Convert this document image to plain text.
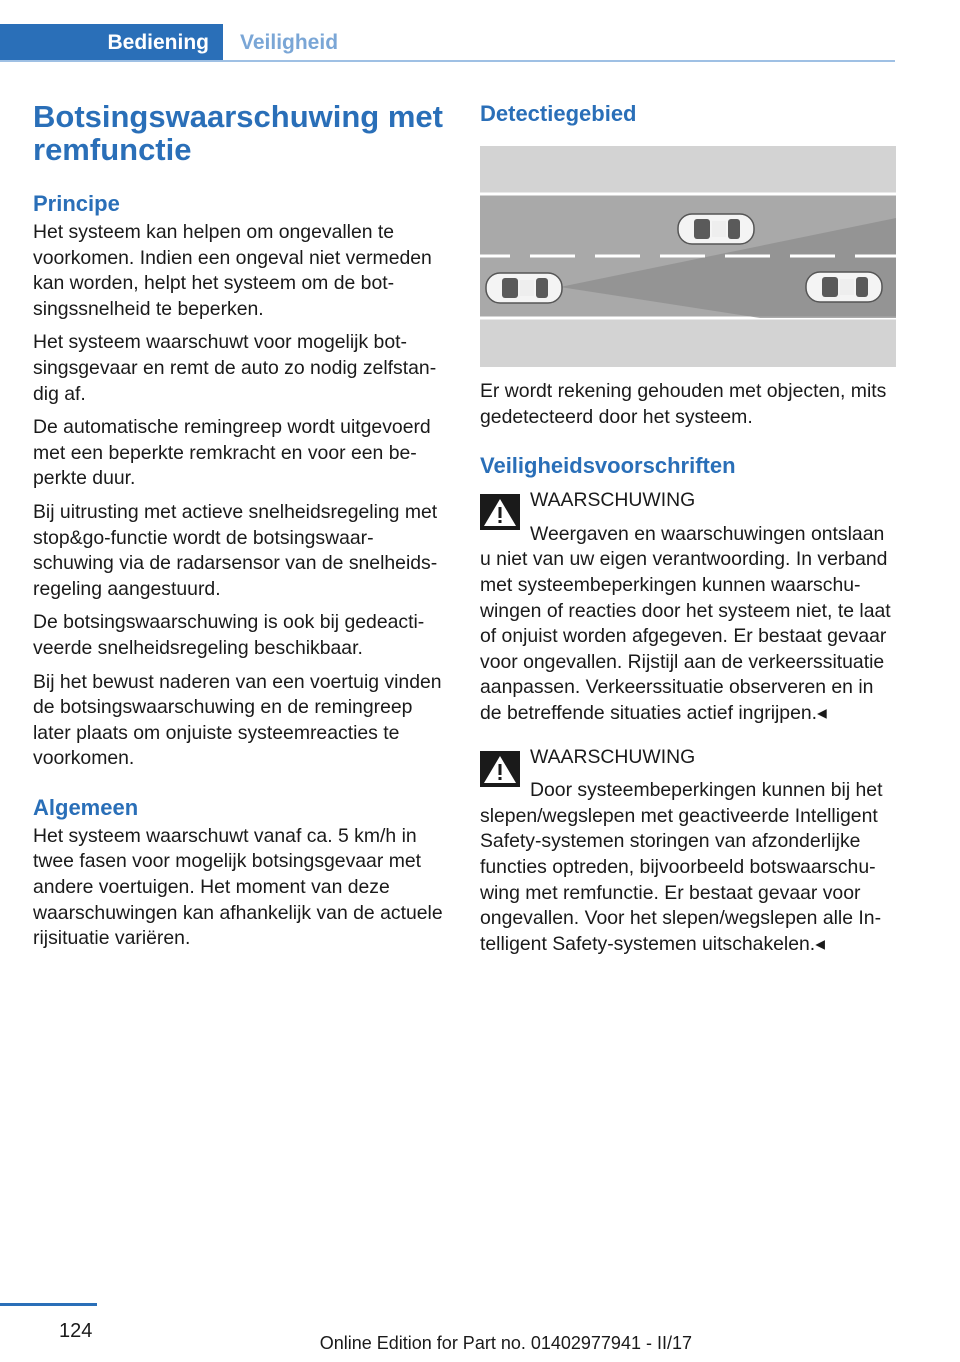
Bediening	Veiligheid
Botsingswaarschuwing met remfunctie
Principe

Het systeem kan helpen om ongevallen te voorkomen. Indien een ongeval niet vermeden kan worden, helpt het systeem om de botsingssnelheid te beperken.

Het systeem waarschuwt voor mogelijk botsingsgevaar en remt de auto zo nodig zelfstandig af.

De automatische remingreep wordt uitgevoerd met een beperkte remkracht en voor een beperkte duur.

Bij uitrusting met actieve snelheidsregeling met stop&go-functie wordt de botsingswaarschuwing via de radarsensor van de snelheidsregeling aangestuurd.

De botsingswaarschuwing is ook bij gedeactiveerde snelheidsregeling beschikbaar.

Bij het bewust naderen van een voertuig vinden de botsingswaarschuwing en de remingreep later plaats om onjuiste systeemreacties te voorkomen.

Algemeen

Het systeem waarschuwt vanaf ca. 5 km/h in twee fasen voor mogelijk botsingsgevaar met andere voertuigen. Het moment van deze waarschuwingen kan afhankelijk van de actuele rijsituatie variëren.

Detectiegebied

Er wordt rekening gehouden met objecten, mits gedetecteerd door het systeem.

Veiligheidsvoorschriften
WAARSCHUWING

Weergaven en waarschuwingen ontslaan

u niet van uw eigen verantwoording. In verband met systeembeperkingen kunnen waarschuwingen of reacties door het systeem niet, te laat of onjuist worden afgegeven. Er bestaat gevaar voor ongevallen. Rijstijl aan de verkeerssituatie aanpassen. Verkeerssituatie observeren en in de betreffende situaties actief ingrijpen.◂

WAARSCHUWING

Door systeembeperkingen kunnen bij het

slepen/wegslepen met geactiveerde Intelligent Safety-systemen storingen van afzonderlijke functies optreden, bijvoorbeeld botswaarschuwing met remfunctie. Er bestaat gevaar voor ongevallen. Voor het slepen/wegslepen alle Intelligent Safety-systemen uitschakelen.◂

124
Online Edition for Part no. 01402977941 - II/17
